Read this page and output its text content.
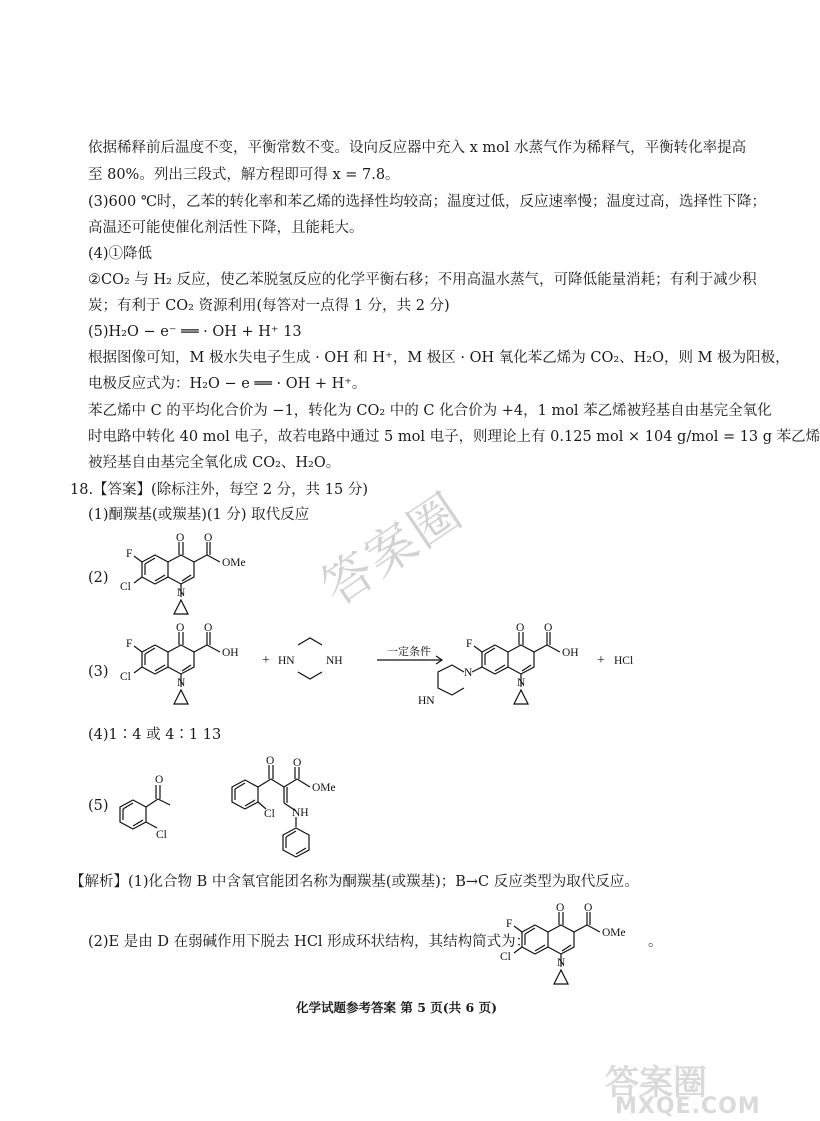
依据稀释前后温度不变，平衡常数不变。设向反应器中充入 x mol 水蒸气作为稀释气，平衡转化率提高
至 80%。列出三段式，解方程即可得 x = 7.8。
(3)600 ℃时，乙苯的转化率和苯乙烯的选择性均较高；温度过低，反应速率慢；温度过高，选择性下降；
高温还可能使催化剂活性下降，且能耗大。
(4)①降低
②CO₂ 与 H₂ 反应，使乙苯脱氢反应的化学平衡右移；不用高温水蒸气，可降低能量消耗；有利于减少积
炭；有利于 CO₂ 资源利用(每答对一点得 1 分，共 2 分)
(5)H₂O − e⁻ ══ · OH + H⁺ 13
根据图像可知，M 极水失电子生成 · OH 和 H⁺，M 极区 · OH 氧化苯乙烯为 CO₂、H₂O，则 M 极为阳极，
电极反应式为：H₂O − e ══ · OH + H⁺。
苯乙烯中 C 的平均化合价为 −1，转化为 CO₂ 中的 C 化合价为 +4，1 mol 苯乙烯被羟基自由基完全氧化
时电路中转化 40 mol 电子，故若电路中通过 5 mol 电子，则理论上有 0.125 mol × 104 g/mol = 13 g 苯乙烯
被羟基自由基完全氧化成 CO₂、H₂O。
18.【答案】(除标注外，每空 2 分，共 15 分)
(1)酮羰基(或羰基)(1 分) 取代反应
(2)
(3)
(4)1∶4 或 4∶1 13
(5)
【解析】(1)化合物 B 中含氧官能团名称为酮羰基(或羰基)；B→C 反应类型为取代反应。
(2)E 是由 D 在弱碱作用下脱去 HCl 形成环状结构，其结构简式为：	。
F
Cl
O O
OMe
N
F
Cl
O O
OH
N
+ HN	NH
一定条件
F
O O
OH
N
N
HN
+ HCl
O
Cl
O O
OMe
Cl NH
F
Cl
O O
OMe
N
答案圈
答案圈
MXQE.COM
化学试题参考答案 第 5 页(共 6 页)
